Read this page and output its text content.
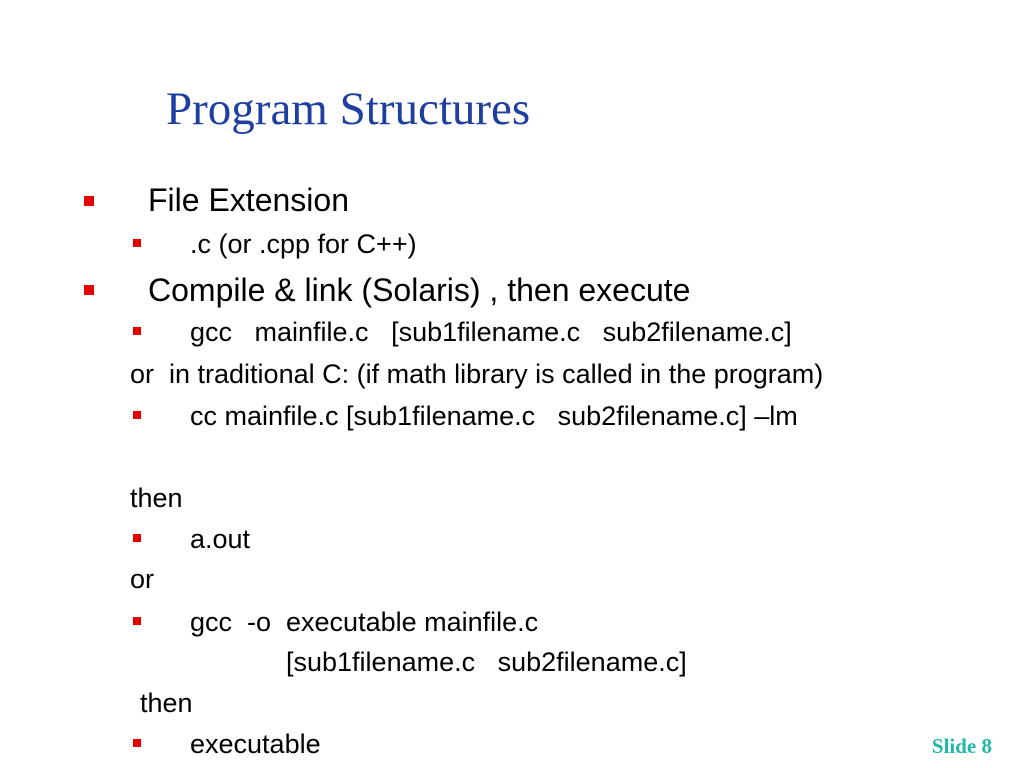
Program Structures
File Extension
.c (or .cpp for C++)
Compile & link (Solaris) , then execute
gcc   mainfile.c   [sub1filename.c   sub2filename.c]
or  in traditional C: (if math library is called in the program)
cc mainfile.c [sub1filename.c   sub2filename.c] –lm
then
a.out
or
gcc  -o  executable mainfile.c
[sub1filename.c   sub2filename.c]
then
executable	Slide 8
